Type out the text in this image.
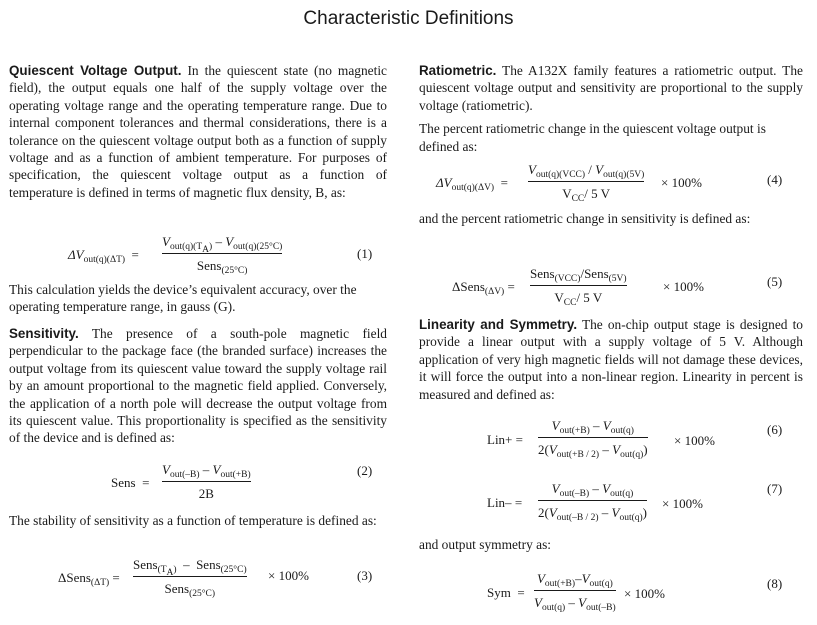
Characteristic Definitions

Quiescent Voltage Output. In the quiescent state (no magnetic field), the output equals one half of the supply voltage over the operating voltage range and the operating temperature range. Due to internal component tolerances and thermal considerations, there is a tolerance on the quiescent voltage output both as a function of supply voltage and as a function of ambient temperature. For purposes of specification, the quiescent voltage output as a function of temperature is defined in terms of magnetic flux density, B, as:

$\Delta V_{out(q)(\Delta T)}$ =
$V_{out(q)(T_A)} - V_{out(q)(25^\circ C)}$
Sens$_{(25^\circ C)}$
(1)

This calculation yields the device’s equivalent accuracy, over the operating temperature range, in gauss (G).

Sensitivity. The presence of a south-pole magnetic field perpendicular to the package face (the branded surface) increases the output voltage from its quiescent value toward the supply voltage rail by an amount proportional to the magnetic field applied. Conversely, the application of a north pole will decrease the output voltage from its quiescent value. This proportionality is specified as the sensitivity of the device and is defined as:

Sens =
$V_{out(-B)} - V_{out(+B)}$
2B
(2)

The stability of sensitivity as a function of temperature is defined as:

ΔSens$_{(\Delta T)}$ =
Sens$_{(T_A)}$ – Sens$_{(25^\circ C)}$
Sens$_{(25^\circ C)}$
× 100%	(3)

Ratiometric. The A132X family features a ratiometric output. The quiescent voltage output and sensitivity are proportional to the supply voltage (ratiometric).

The percent ratiometric change in the quiescent voltage output is defined as:

$\Delta V_{out(q)(\Delta V)}$ =
$V_{out(q)(VCC)} / V_{out(q)(5V)}$
$V_{CC}/$ 5 V
× 100%	(4)

and the percent ratiometric change in sensitivity is defined as:

ΔSens$_{(\Delta V)}$ =
Sens$_{(VCC)}$/Sens$_{(5V)}$
$V_{CC}/$ 5 V
× 100%	(5)

Linearity and Symmetry. The on-chip output stage is designed to provide a linear output with a supply voltage of 5 V. Although application of very high magnetic fields will not damage these devices, it will force the output into a non-linear region. Linearity in percent is measured and defined as:

Lin+ =
$V_{out(+B)} - V_{out(q)}$
$2(V_{out(+B / 2)} - V_{out(q)})$
× 100%
(6)
Lin– =
$V_{out(-B)} - V_{out(q)}$
$2(V_{out(-B / 2)} - V_{out(q)})$
× 100%
(7)

and output symmetry as:

Sym =
$V_{out(+B)}-V_{out(q)}$
$V_{out(q)} - V_{out(-B)}$
× 100%
(8)
